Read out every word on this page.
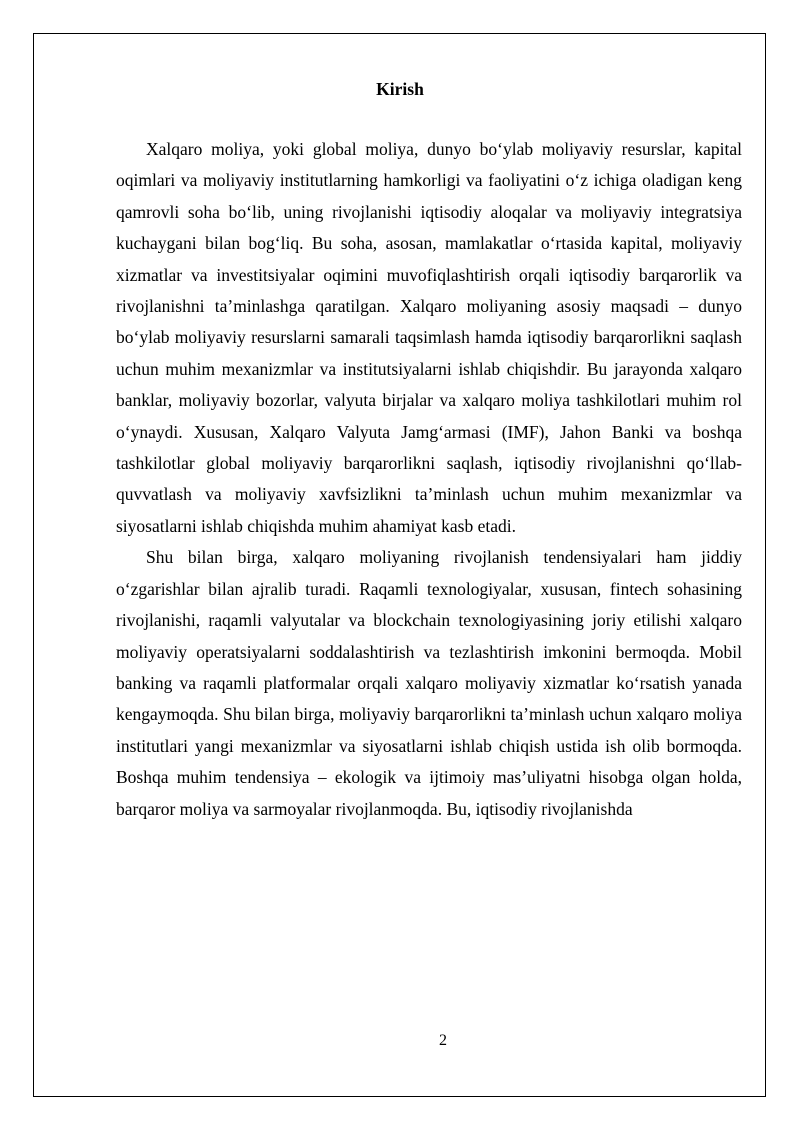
Kirish

Xalqaro moliya, yoki global moliya, dunyo bo‘ylab moliyaviy resurslar, kapital oqimlari va moliyaviy institutlarning hamkorligi va faoliyatini o‘z ichiga oladigan keng qamrovli soha bo‘lib, uning rivojlanishi iqtisodiy aloqalar va moliyaviy integratsiya kuchaygani bilan bog‘liq. Bu soha, asosan, mamlakatlar o‘rtasida kapital, moliyaviy xizmatlar va investitsiyalar oqimini muvofiqlashtirish orqali iqtisodiy barqarorlik va rivojlanishni ta’minlashga qaratilgan. Xalqaro moliyaning asosiy maqsadi – dunyo bo‘ylab moliyaviy resurslarni samarali taqsimlash hamda iqtisodiy barqarorlikni saqlash uchun muhim mexanizmlar va institutsiyalarni ishlab chiqishdir. Bu jarayonda xalqaro banklar, moliyaviy bozorlar, valyuta birjalar va xalqaro moliya tashkilotlari muhim rol o‘ynaydi. Xususan, Xalqaro Valyuta Jamg‘armasi (IMF), Jahon Banki va boshqa tashkilotlar global moliyaviy barqarorlikni saqlash, iqtisodiy rivojlanishni qo‘llab-quvvatlash va moliyaviy xavfsizlikni ta’minlash uchun muhim mexanizmlar va siyosatlarni ishlab chiqishda muhim ahamiyat kasb etadi.

Shu bilan birga, xalqaro moliyaning rivojlanish tendensiyalari ham jiddiy o‘zgarishlar bilan ajralib turadi. Raqamli texnologiyalar, xususan, fintech sohasining rivojlanishi, raqamli valyutalar va blockchain texnologiyasining joriy etilishi xalqaro moliyaviy operatsiyalarni soddalashtirish va tezlashtirish imkonini bermoqda. Mobil banking va raqamli platformalar orqali xalqaro moliyaviy xizmatlar ko‘rsatish yanada kengaymoqda. Shu bilan birga, moliyaviy barqarorlikni ta’minlash uchun xalqaro moliya institutlari yangi mexanizmlar va siyosatlarni ishlab chiqish ustida ish olib bormoqda. Boshqa muhim tendensiya – ekologik va ijtimoiy mas’uliyatni hisobga olgan holda, barqaror moliya va sarmoyalar rivojlanmoqda. Bu, iqtisodiy rivojlanishda

2
